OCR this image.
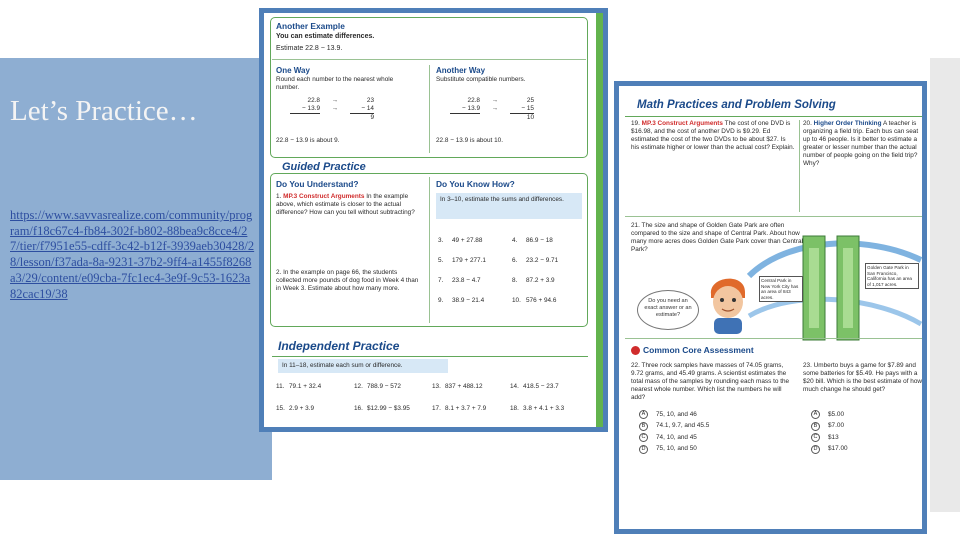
Let’s Practice…
https://www.savvasrealize.com/community/program/f18c67c4-fb84-302f-b802-88bea9c8cce4/27/tier/f7951e55-cdff-3c42-b12f-3939aeb30428/28/lesson/f37ada-8a-9231-37b2-9ff4-a1455f8268a3/29/content/e09cba-7fc1ec4-3e9f-9c53-1623a82cac19/38
Another Example
You can estimate differences.
Estimate 22.8 − 13.9.
One Way
Round each number to the nearest whole number.
22.8	→	23
− 13.9	→	− 14
9
22.8 − 13.9 is about 9.
Another Way
Substitute compatible numbers.
22.8	→	25
− 13.9	→	− 15
10
22.8 − 13.9 is about 10.
Guided Practice
Do You Understand?
1. MP.3 Construct Arguments In the example above, which estimate is closer to the actual difference? How can you tell without subtracting?
2. In the example on page 66, the students collected more pounds of dog food in Week 4 than in Week 3. Estimate about how many more.
Do You Know How?
In 3–10, estimate the sums and differences.
3. 49 + 27.88	4. 86.9 − 18
5. 179 + 277.1	6. 23.2 − 9.71
7. 23.8 − 4.7	8. 87.2 + 3.9
9. 38.9 − 21.4	10. 576 + 94.6
Independent Practice
In 11–18, estimate each sum or difference.
11. 79.1 + 32.4	12. 788.9 − 572	13. 837 + 488.12	14. 418.5 − 23.7
15. 2.9 + 3.9	16. $12.99 − $3.95	17. 8.1 + 3.7 + 7.9	18. 3.8 + 4.1 + 3.3
Math Practices and Problem Solving
19. MP.3 Construct Arguments The cost of one DVD is $16.98, and the cost of another DVD is $9.29. Ed estimated the cost of the two DVDs to be about $27. Is his estimate higher or lower than the actual cost? Explain.
20. Higher Order Thinking A teacher is organizing a field trip. Each bus can seat up to 46 people. Is it better to estimate a greater or lesser number than the actual number of people going on the field trip? Why?
21. The size and shape of Golden Gate Park are often compared to the size and shape of Central Park. About how many more acres does Golden Gate Park cover than Central Park?
Central Park in New York City has an area of 843 acres.
Golden Gate Park in San Francisco, California has an area of 1,017 acres.
Do you need an exact answer or an estimate?
Common Core Assessment
22. Three rock samples have masses of 74.05 grams, 9.72 grams, and 45.49 grams. A scientist estimates the total mass of the samples by rounding each mass to the nearest whole number. Which list the numbers he will add?
A	75, 10, and 46
B	74.1, 9.7, and 45.5
C	74, 10, and 45
D	75, 10, and 50
23. Umberto buys a game for $7.89 and some batteries for $5.49. He pays with a $20 bill. Which is the best estimate of how much change he should get?
A	$5.00
B	$7.00
C	$13
D	$17.00
